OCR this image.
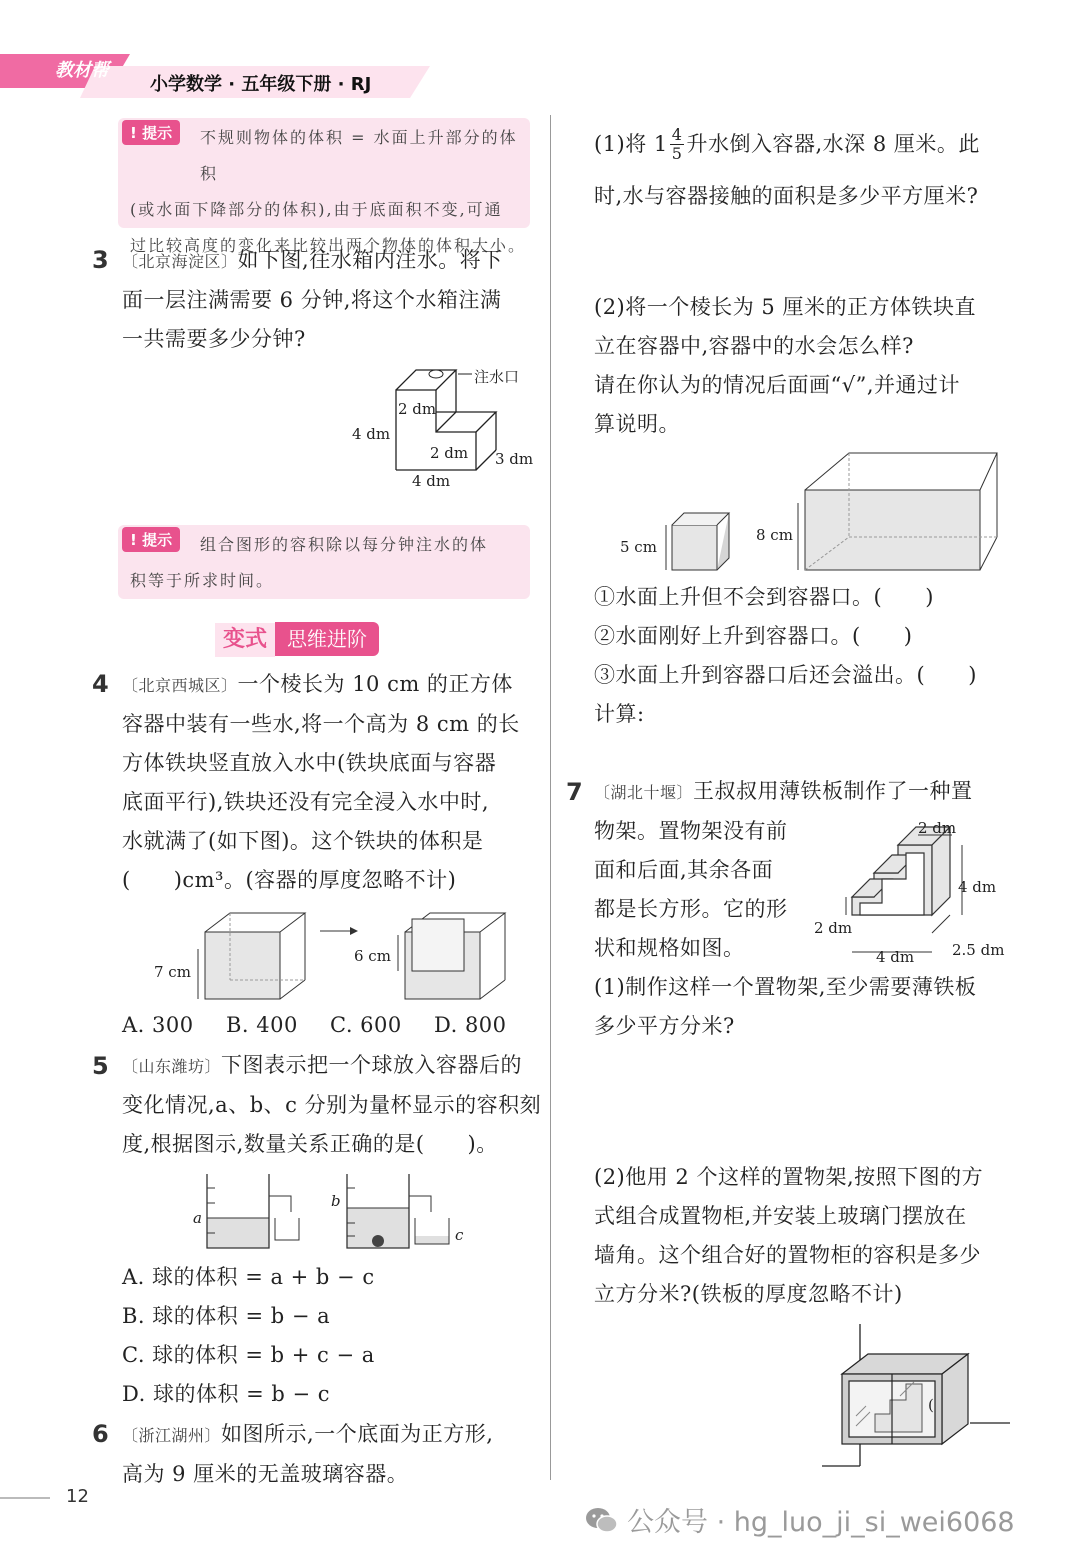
教材帮
小学数学 · 五年级下册 · RJ
! 提示	不规则物体的体积 = 水面上升部分的体积
(或水面下降部分的体积),由于底面积不变,可通
过比较高度的变化来比较出两个物体的体积大小。
3 〔北京海淀区〕如下图,往水箱内注水。将下
面一层注满需要 6 分钟,将这个水箱注满
一共需要多少分钟?
注水口
2 dm
4 dm
2 dm 3 dm
4 dm
! 提示	组合图形的容积除以每分钟注水的体
积等于所求时间。
变式 思维进阶
4 〔北京西城区〕一个棱长为 10 cm 的正方体
容器中装有一些水,将一个高为 8 cm 的长
方体铁块竖直放入水中(铁块底面与容器
底面平行),铁块还没有完全浸入水中时,
水就满了(如下图)。这个铁块的体积是
(　　)cm³。(容器的厚度忽略不计)
7 cm
6 cm
A. 300 B. 400 C. 600 D. 800
5 〔山东潍坊〕下图表示把一个球放入容器后的
变化情况,a、b、c 分别为量杯显示的容积刻
度,根据图示,数量关系正确的是(　　)。
a
b
c
A. 球的体积 = a + b − c
B. 球的体积 = b − a
C. 球的体积 = b + c − a
D. 球的体积 = b − c
6 〔浙江湖州〕如图所示,一个底面为正方形,
高为 9 厘米的无盖玻璃容器。
(1)将 1 4
5 升水倒入容器,水深 8 厘米。此
时,水与容器接触的面积是多少平方厘米?
(2)将一个棱长为 5 厘米的正方体铁块直
立在容器中,容器中的水会怎么样?
请在你认为的情况后面画“√”,并通过计
算说明。
5 cm
8 cm
①水面上升但不会到容器口。(　　)
②水面刚好上升到容器口。(　　)
③水面上升到容器口后还会溢出。(　　)
计算:
7 〔湖北十堰〕王叔叔用薄铁板制作了一种置
物架。置物架没有前
面和后面,其余各面
都是长方形。它的形
状和规格如图。
(1)制作这样一个置物架,至少需要薄铁板
多少平方分米?
2 dm
4 dm
2 dm
4 dm	2.5 dm
(2)他用 2 个这样的置物架,按照下图的方
式组合成置物柜,并安装上玻璃门摆放在
墙角。这个组合好的置物柜的容积是多少
立方分米?(铁板的厚度忽略不计)
(
12
公众号 · hg_luo_ji_si_wei6068
